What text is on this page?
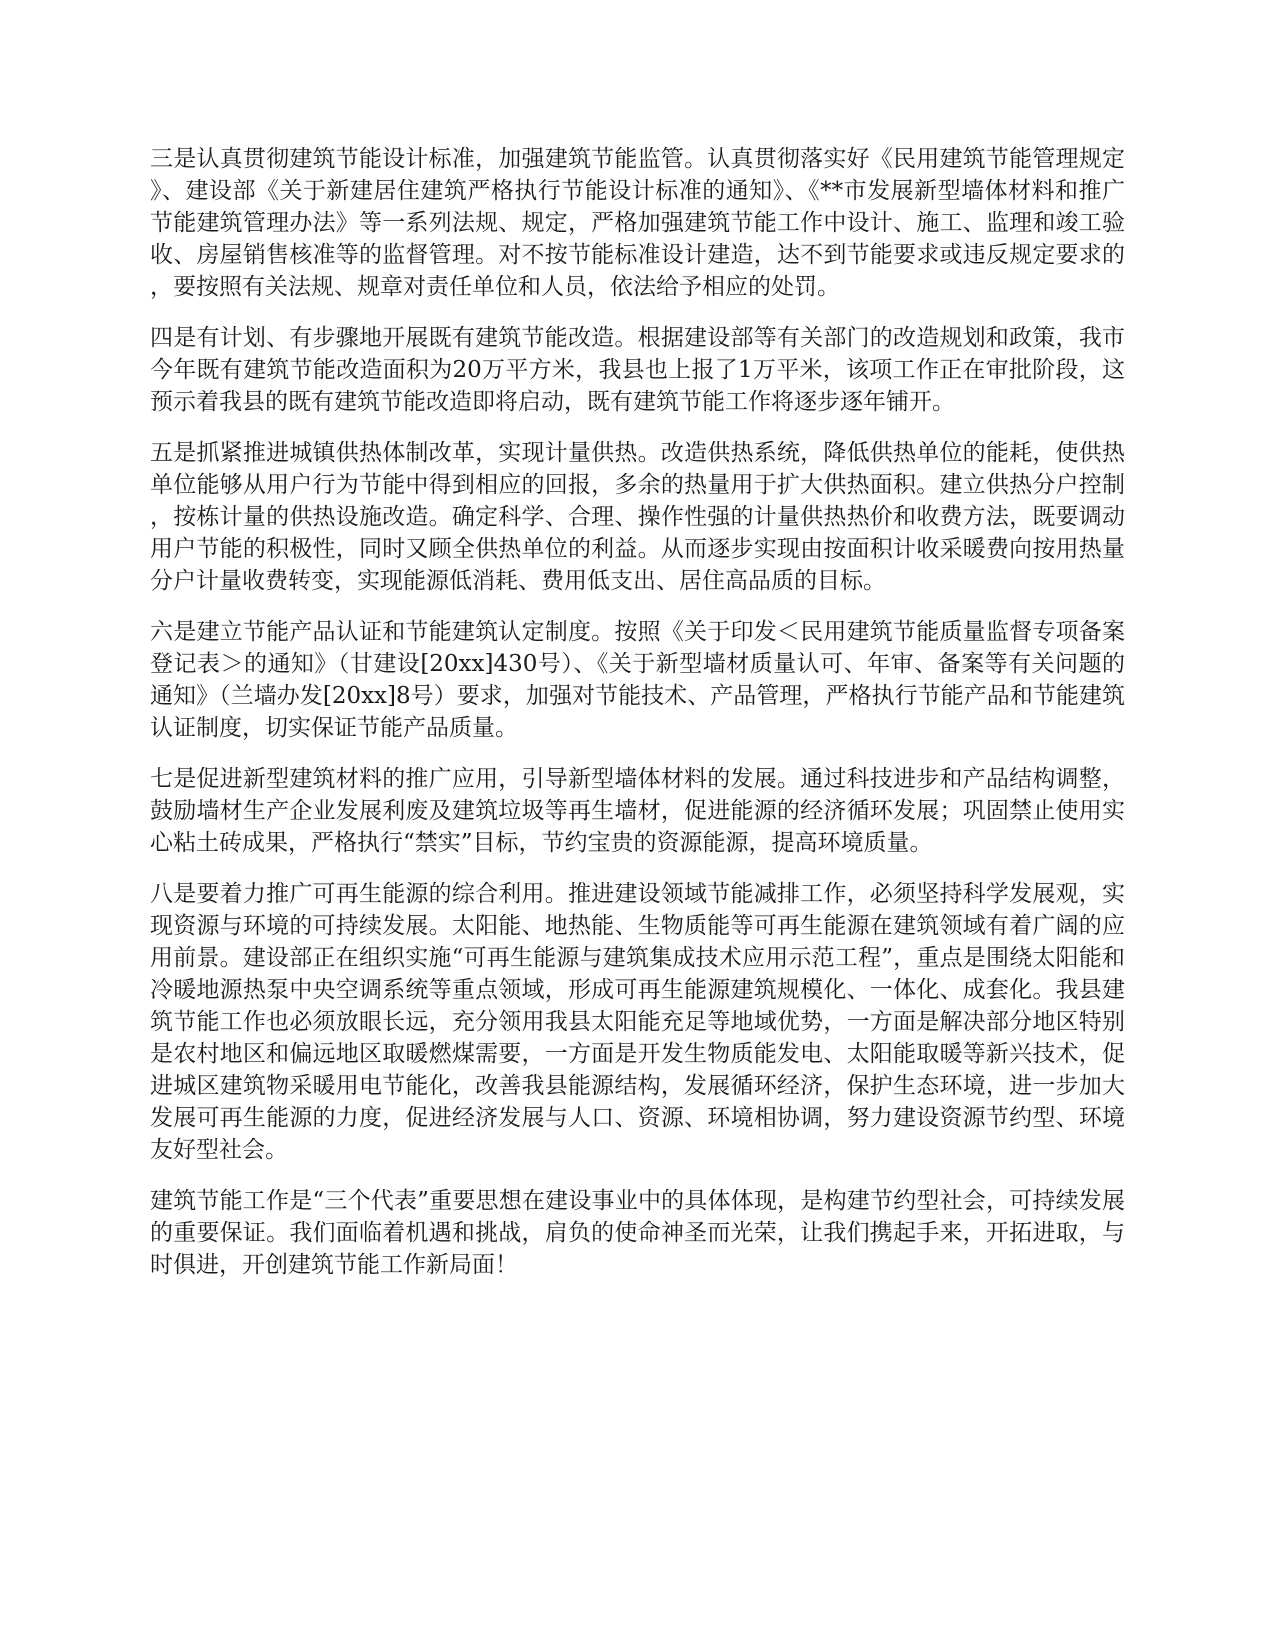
三是认真贯彻建筑节能设计标准，加强建筑节能监管。认真贯彻落实好《民用建筑节能管理规定》、建设部《关于新建居住建筑严格执行节能设计标准的通知》、《**市发展新型墙体材料和推广节能建筑管理办法》等一系列法规、规定，严格加强建筑节能工作中设计、施工、监理和竣工验收、房屋销售核准等的监督管理。对不按节能标准设计建造，达不到节能要求或违反规定要求的，要按照有关法规、规章对责任单位和人员，依法给予相应的处罚。

四是有计划、有步骤地开展既有建筑节能改造。根据建设部等有关部门的改造规划和政策，我市今年既有建筑节能改造面积为20万平方米，我县也上报了1万平米，该项工作正在审批阶段，这预示着我县的既有建筑节能改造即将启动，既有建筑节能工作将逐步逐年铺开。

五是抓紧推进城镇供热体制改革，实现计量供热。改造供热系统，降低供热单位的能耗，使供热单位能够从用户行为节能中得到相应的回报，多余的热量用于扩大供热面积。建立供热分户控制，按栋计量的供热设施改造。确定科学、合理、操作性强的计量供热热价和收费方法，既要调动用户节能的积极性，同时又顾全供热单位的利益。从而逐步实现由按面积计收采暖费向按用热量分户计量收费转变，实现能源低消耗、费用低支出、居住高品质的目标。

六是建立节能产品认证和节能建筑认定制度。按照《关于印发＜民用建筑节能质量监督专项备案登记表＞的通知》（甘建设[20xx]430号）、《关于新型墙材质量认可、年审、备案等有关问题的通知》（兰墙办发[20xx]8号）要求，加强对节能技术、产品管理，严格执行节能产品和节能建筑认证制度，切实保证节能产品质量。

七是促进新型建筑材料的推广应用，引导新型墙体材料的发展。通过科技进步和产品结构调整，鼓励墙材生产企业发展利废及建筑垃圾等再生墙材，促进能源的经济循环发展；巩固禁止使用实心粘土砖成果，严格执行“禁实”目标，节约宝贵的资源能源，提高环境质量。

八是要着力推广可再生能源的综合利用。推进建设领域节能减排工作，必须坚持科学发展观，实现资源与环境的可持续发展。太阳能、地热能、生物质能等可再生能源在建筑领域有着广阔的应用前景。建设部正在组织实施“可再生能源与建筑集成技术应用示范工程”，重点是围绕太阳能和冷暖地源热泵中央空调系统等重点领域，形成可再生能源建筑规模化、一体化、成套化。我县建筑节能工作也必须放眼长远，充分领用我县太阳能充足等地域优势，一方面是解决部分地区特别是农村地区和偏远地区取暖燃煤需要，一方面是开发生物质能发电、太阳能取暖等新兴技术，促进城区建筑物采暖用电节能化，改善我县能源结构，发展循环经济，保护生态环境，进一步加大发展可再生能源的力度，促进经济发展与人口、资源、环境相协调，努力建设资源节约型、环境友好型社会。

建筑节能工作是“三个代表”重要思想在建设事业中的具体体现，是构建节约型社会，可持续发展的重要保证。我们面临着机遇和挑战，肩负的使命神圣而光荣，让我们携起手来，开拓进取，与时俱进，开创建筑节能工作新局面！
